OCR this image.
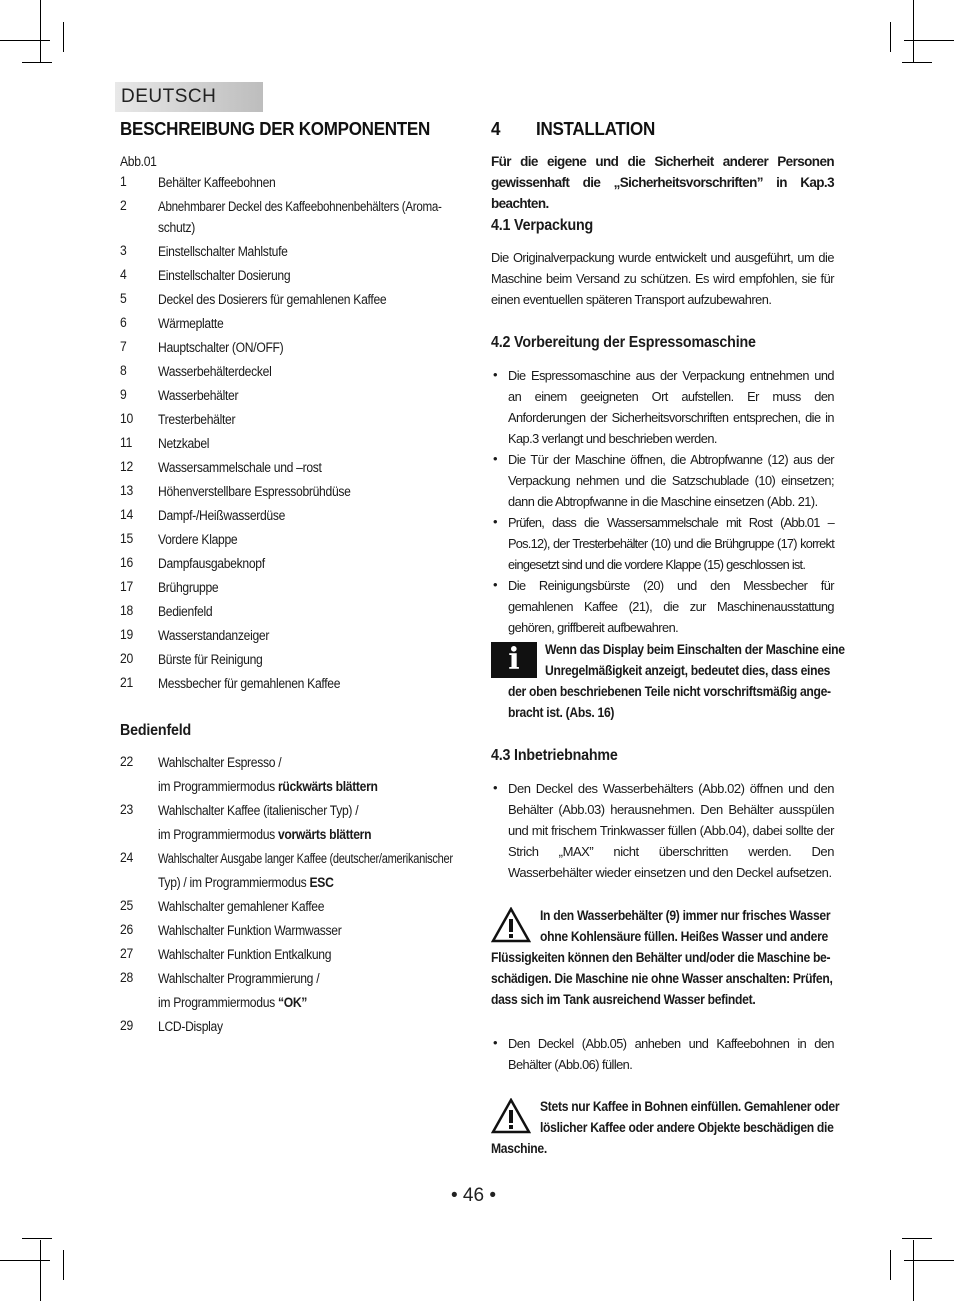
DEUTSCH
BESCHREIBUNG DER KOMPONENTEN
Abb.01
1 Behälter Kaffeebohnen
2 Abnehmbarer Deckel des Kaffeebohnenbehälters (Aroma-
schutz)
3 Einstellschalter Mahlstufe
4 Einstellschalter Dosierung
5 Deckel des Dosierers für gemahlenen Kaffee
6 Wärmeplatte
7 Hauptschalter (ON/OFF)
8 Wasserbehälterdeckel
9 Wasserbehälter
10 Tresterbehälter
11 Netzkabel
12 Wassersammelschale und –rost
13 Höhenverstellbare Espressobrühdüse
14 Dampf-/Heißwasserdüse
15 Vordere Klappe
16 Dampfausgabeknopf
17 Brühgruppe
18 Bedienfeld
19 Wasserstandanzeiger
20 Bürste für Reinigung
21 Messbecher für gemahlenen Kaffee
Bedienfeld
22 Wahlschalter Espresso /
im Programmiermodus rückwärts blättern
23 Wahlschalter Kaffee (italienischer Typ) /
im Programmiermodus vorwärts blättern
24 Wahlschalter Ausgabe langer Kaffee (deutscher/amerikanischer
Typ) / im Programmiermodus ESC
25 Wahlschalter gemahlener Kaffee
26 Wahlschalter Funktion Warmwasser
27 Wahlschalter Funktion Entkalkung
28 Wahlschalter Programmierung /
im Programmiermodus “OK”
29 LCD-Display
4 INSTALLATION
Für die eigene und die Sicherheit anderer Personen gewissenhaft die „Sicherheitsvorschriften” in Kap.3 beachten.
4.1 Verpackung
Die Originalverpackung wurde entwickelt und ausgeführt, um die Maschine beim Versand zu schützen. Es wird empfohlen, sie für einen eventuellen späteren Transport aufzubewahren.
4.2 Vorbereitung der Espressomaschine
• Die Espressomaschine aus der Verpackung entnehmen und an einem geeigneten Ort aufstellen. Er muss den Anforderungen der Sicherheitsvorschriften entsprechen, die in Kap.3 verlangt und beschrieben werden.
• Die Tür der Maschine öffnen, die Abtropfwanne (12) aus der Verpackung nehmen und die Satzschublade (10) einsetzen; dann die Abtropfwanne in die Maschine einsetzen (Abb. 21).
• Prüfen, dass die Wassersammelschale mit Rost (Abb.01 – Pos.12), der Tresterbehälter (10) und die Brühgruppe (17) korrekt eingesetzt sind und die vordere Klappe (15) geschlossen ist.
• Die Reinigungsbürste (20) und den Messbecher für gemahlenen Kaffee (21), die zur Maschinenausstattung gehören, griffbereit aufbewahren.
i	Wenn das Display beim Einschalten der Maschine eine
Unregelmäßigkeit anzeigt, bedeutet dies, dass eines
der oben beschriebenen Teile nicht vorschriftsmäßig ange-
bracht ist. (Abs. 16)
4.3 Inbetriebnahme
• Den Deckel des Wasserbehälters (Abb.02) öffnen und den Behälter (Abb.03) herausnehmen. Den Behälter ausspülen und mit frischem Trinkwasser füllen (Abb.04), dabei sollte der Strich „MAX” nicht überschritten werden. Den Wasserbehälter wieder einsetzen und den Deckel aufsetzen.
In den Wasserbehälter (9) immer nur frisches Wasser
ohne Kohlensäure füllen. Heißes Wasser und andere
Flüssigkeiten können den Behälter und/oder die Maschine be-
schädigen. Die Maschine nie ohne Wasser anschalten: Prüfen,
dass sich im Tank ausreichend Wasser befindet.
• Den Deckel (Abb.05) anheben und Kaffeebohnen in den Behälter (Abb.06) füllen.
Stets nur Kaffee in Bohnen einfüllen. Gemahlener oder
löslicher Kaffee oder andere Objekte beschädigen die
Maschine.
• 46 •
